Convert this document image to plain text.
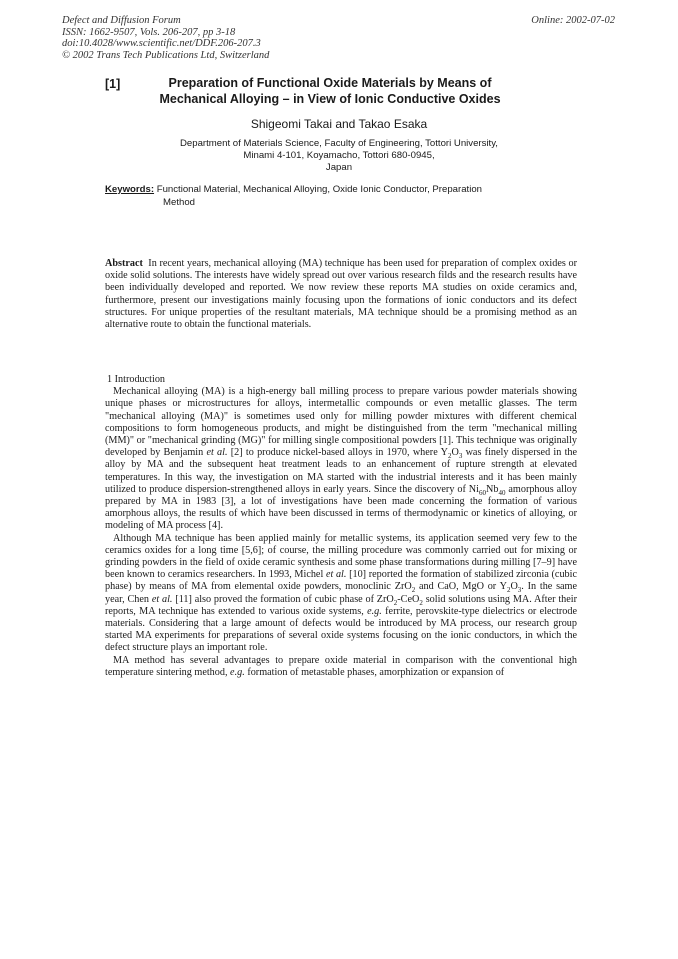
Defect and Diffusion Forum
ISSN: 1662-9507, Vols. 206-207, pp 3-18
doi:10.4028/www.scientific.net/DDF.206-207.3
© 2002 Trans Tech Publications Ltd, Switzerland
Online: 2002-07-02
[1]	Preparation of Functional Oxide Materials by Means of Mechanical Alloying – in View of Ionic Conductive Oxides
Shigeomi Takai and Takao Esaka
Department of Materials Science, Faculty of Engineering, Tottori University,
Minami 4-101, Koyamacho, Tottori 680-0945,
Japan
Keywords: Functional Material, Mechanical Alloying, Oxide Ionic Conductor, Preparation
Method
Abstract In recent years, mechanical alloying (MA) technique has been used for preparation of complex oxides or oxide solid solutions. The interests have widely spread out over various research filds and the research results have been individually developed and reported. We now review these reports MA studies on oxide ceramics and, furthermore, present our investigations mainly focusing upon the formations of ionic conductors and its defect structures. For unique properties of the resultant materials, MA technique should be a promising method as an alternative route to obtain the functional materials.
1 Introduction

Mechanical alloying (MA) is a high-energy ball milling process to prepare various powder materials showing unique phases or microstructures for alloys, intermetallic compounds or even metallic glasses. The term "mechanical alloying (MA)" is sometimes used only for milling powder mixtures with different chemical compositions to form homogeneous products, and might be distinguished from the term "mechanical milling (MM)" or "mechanical grinding (MG)" for milling single compositional powders [1]. This technique was originally developed by Benjamin et al. [2] to produce nickel-based alloys in 1970, where $Y_2O_3$ was finely dispersed in the alloy by MA and the subsequent heat treatment leads to an enhancement of rupture strength at elevated temperatures. In this way, the investigation on MA started with the industrial interests and it has been mainly utilized to produce dispersion-strengthened alloys in early years. Since the discovery of $Ni_{60}Nb_{40}$ amorphous alloy prepared by MA in 1983 [3], a lot of investigations have been made concerning the formation of various amorphous alloys, the results of which have been discussed in terms of thermodynamic or kinetics of alloying, or modeling of MA process [4].

Although MA technique has been applied mainly for metallic systems, its application seemed very few to the ceramics oxides for a long time [5,6]; of course, the milling procedure was commonly carried out for mixing or grinding powders in the field of oxide ceramic synthesis and some phase transformations during milling [7–9] have been known to ceramics researchers. In 1993, Michel et al. [10] reported the formation of stabilized zirconia (cubic phase) by means of MA from elemental oxide powders, monoclinic ZrO$_2$ and CaO, MgO or $Y_2O_3$. In the same year, Chen et al. [11] also proved the formation of cubic phase of ZrO$_2$-CeO$_2$ solid solutions using MA. After their reports, MA technique has extended to various oxide systems, e.g. ferrite, perovskite-type dielectrics or electrode materials. Considering that a large amount of defects would be introduced by MA process, our research group started MA experiments for preparations of several oxide systems focusing on the ionic conductors, in which the defect structure plays an important role.

MA method has several advantages to prepare oxide material in comparison with the conventional high temperature sintering method, e.g. formation of metastable phases, amorphization or expansion of
